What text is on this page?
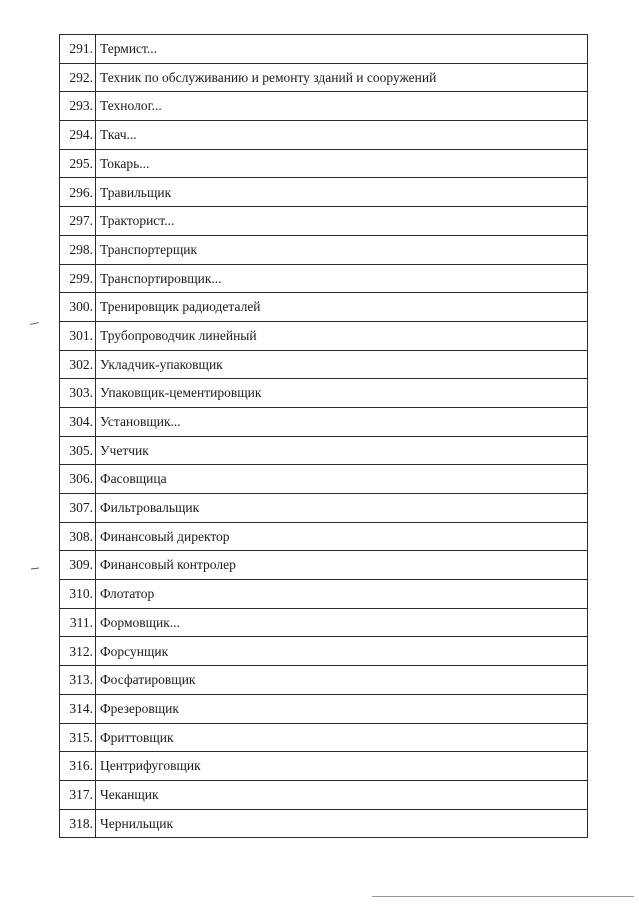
291.	Термист...
292.	Техник по обслуживанию и ремонту зданий и сооружений
293.	Технолог...
294.	Ткач...
295.	Токарь...
296.	Травильщик
297.	Тракторист...
298.	Транспортерщик
299.	Транспортировщик...
300.	Тренировщик радиодеталей
301.	Трубопроводчик линейный
302.	Укладчик-упаковщик
303.	Упаковщик-цементировщик
304.	Установщик...
305.	Учетчик
306.	Фасовщица
307.	Фильтровальщик
308.	Финансовый директор
309.	Финансовый контролер
310.	Флотатор
311.	Формовщик...
312.	Форсунщик
313.	Фосфатировщик
314.	Фрезеровщик
315.	Фриттовщик
316.	Центрифуговщик
317.	Чеканщик
318.	Чернильщик
